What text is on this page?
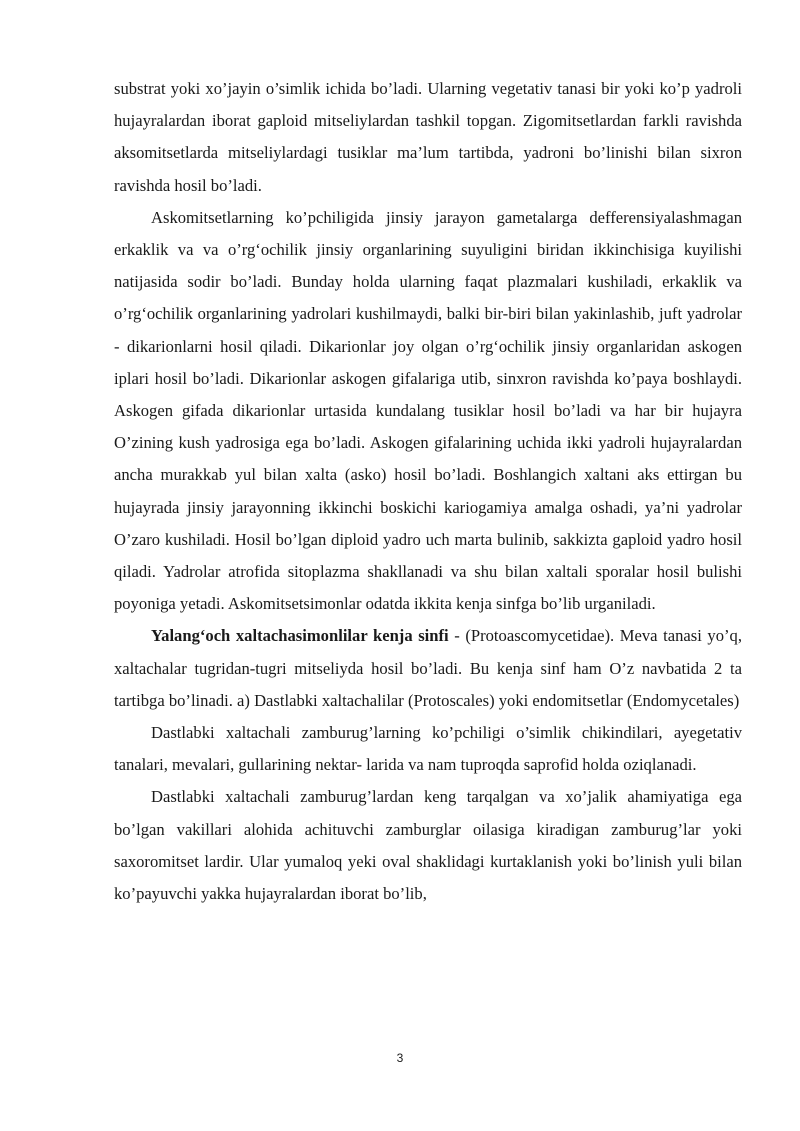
substrat yoki xo’jayin o’simlik ichida bo’ladi. Ularning vegetativ tanasi bir yoki ko’p yadroli hujayralardan iborat gaploid mitseliylardan tashkil topgan. Zigomitsetlardan farkli ravishda aksomitsetlarda mitseliylardagi tusiklar ma’lum tartibda, yadroni bo’linishi bilan sixron ravishda hosil bo’ladi.

Askomitsetlarning ko’pchiligida jinsiy jarayon gametalarga defferensiyalashmagan erkaklik va va o’rg‘ochilik jinsiy organlarining suyuligini biridan ikkinchisiga kuyilishi natijasida sodir bo’ladi. Bunday holda ularning faqat plazmalari kushiladi, erkaklik va o’rg‘ochilik organlarining yadrolari kushilmaydi, balki bir-biri bilan yakinlashib, juft yadrolar - dikarionlarni hosil qiladi. Dikarionlar joy olgan o’rg‘ochilik jinsiy organlaridan askogen iplari hosil bo’ladi. Dikarionlar askogen gifalariga utib, sinxron ravishda ko’paya boshlaydi. Askogen gifada dikarionlar urtasida kundalang tusiklar hosil bo’ladi va har bir hujayra O’zining kush yadrosiga ega bo’ladi. Askogen gifalarining uchida ikki yadroli hujayralardan ancha murakkab yul bilan xalta (asko) hosil bo’ladi. Boshlangich xaltani aks ettirgan bu hujayrada jinsiy jarayonning ikkinchi boskichi kariogamiya amalga oshadi, ya’ni yadrolar O’zaro kushiladi. Hosil bo’lgan diploid yadro uch marta bulinib, sakkizta gaploid yadro hosil qiladi. Yadrolar atrofida sitoplazma shakllanadi va shu bilan xaltali sporalar hosil bulishi poyoniga yetadi. Askomitsetsimonlar odatda ikkita kenja sinfga bo’lib urganiladi.

Yalang‘och xaltachasimonlilar kenja sinfi - (Protoascomycetidae). Meva tanasi yo’q, xaltachalar tugridan-tugri mitseliyda hosil bo’ladi. Bu kenja sinf ham O’z navbatida 2 ta tartibga bo’linadi. a) Dastlabki xaltachalilar (Protoscales) yoki endomitsetlar (Endomycetales)

Dastlabki xaltachali zamburug’larning ko’pchiligi o’simlik chikindilari, ayegetativ tanalari, mevalari, gullarining nektar- larida va nam tuproqda saprofid holda oziqlanadi.

Dastlabki xaltachali zamburug’lardan keng tarqalgan va xo’jalik ahamiyatiga ega bo’lgan vakillari alohida achituvchi zamburglar oilasiga kiradigan zamburug’lar yoki saxoromitset lardir. Ular yumaloq yeki oval shaklidagi kurtaklanish yoki bo’linish yuli bilan ko’payuvchi yakka hujayralardan iborat bo’lib,

3
